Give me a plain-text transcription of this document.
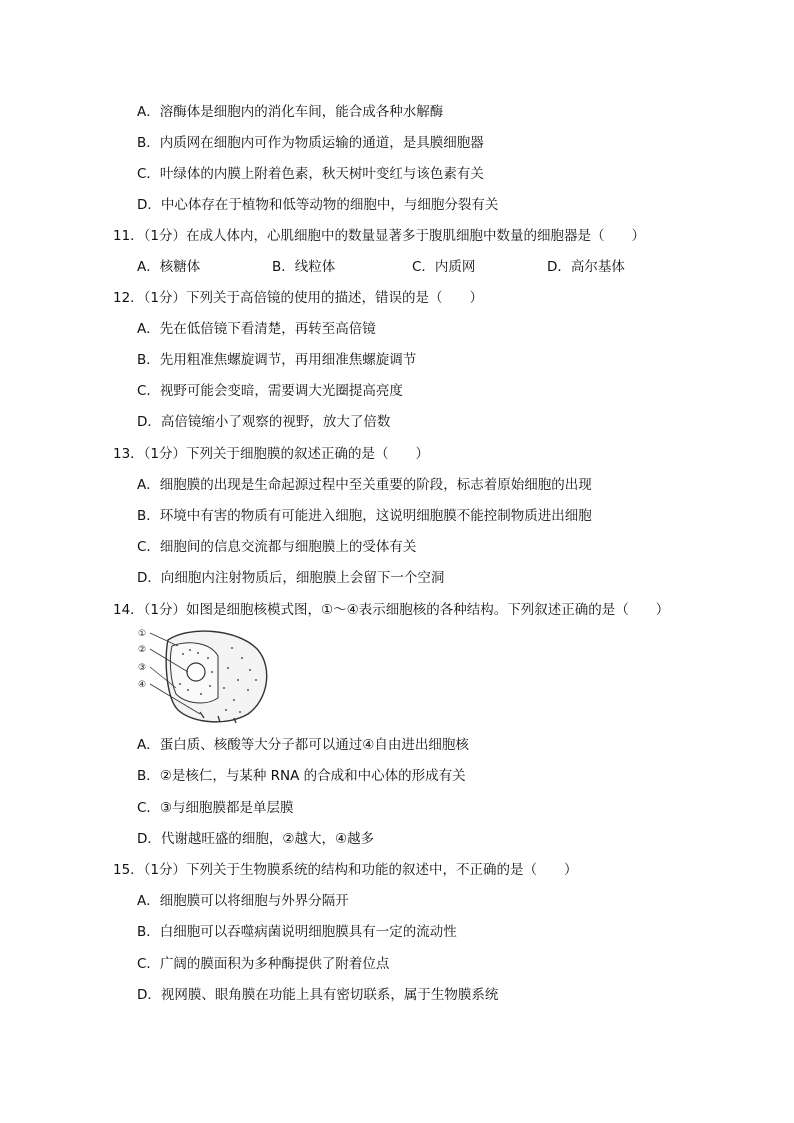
A．溶酶体是细胞内的消化车间，能合成各种水解酶
B．内质网在细胞内可作为物质运输的通道，是具膜细胞器
C．叶绿体的内膜上附着色素，秋天树叶变红与该色素有关
D．中心体存在于植物和低等动物的细胞中，与细胞分裂有关
11．（1分）在成人体内，心肌细胞中的数量显著多于腹肌细胞中数量的细胞器是（　　）
A．核糖体	B．线粒体	C．内质网	D．高尔基体
12．（1分）下列关于高倍镜的使用的描述，错误的是（　　）
A．先在低倍镜下看清楚，再转至高倍镜
B．先用粗准焦螺旋调节，再用细准焦螺旋调节
C．视野可能会变暗，需要调大光圈提高亮度
D．高倍镜缩小了观察的视野，放大了倍数
13．（1分）下列关于细胞膜的叙述正确的是（　　）
A．细胞膜的出现是生命起源过程中至关重要的阶段，标志着原始细胞的出现
B．环境中有害的物质有可能进入细胞，这说明细胞膜不能控制物质进出细胞
C．细胞间的信息交流都与细胞膜上的受体有关
D．向细胞内注射物质后，细胞膜上会留下一个空洞
14．（1分）如图是细胞核模式图，①～④表示细胞核的各种结构。下列叙述正确的是（　　）
①
②
③
④
A．蛋白质、核酸等大分子都可以通过④自由进出细胞核
B．②是核仁，与某种 RNA 的合成和中心体的形成有关
C．③与细胞膜都是单层膜
D．代谢越旺盛的细胞，②越大，④越多
15．（1分）下列关于生物膜系统的结构和功能的叙述中，不正确的是（　　）
A．细胞膜可以将细胞与外界分隔开
B．白细胞可以吞噬病菌说明细胞膜具有一定的流动性
C．广阔的膜面积为多种酶提供了附着位点
D．视网膜、眼角膜在功能上具有密切联系，属于生物膜系统
